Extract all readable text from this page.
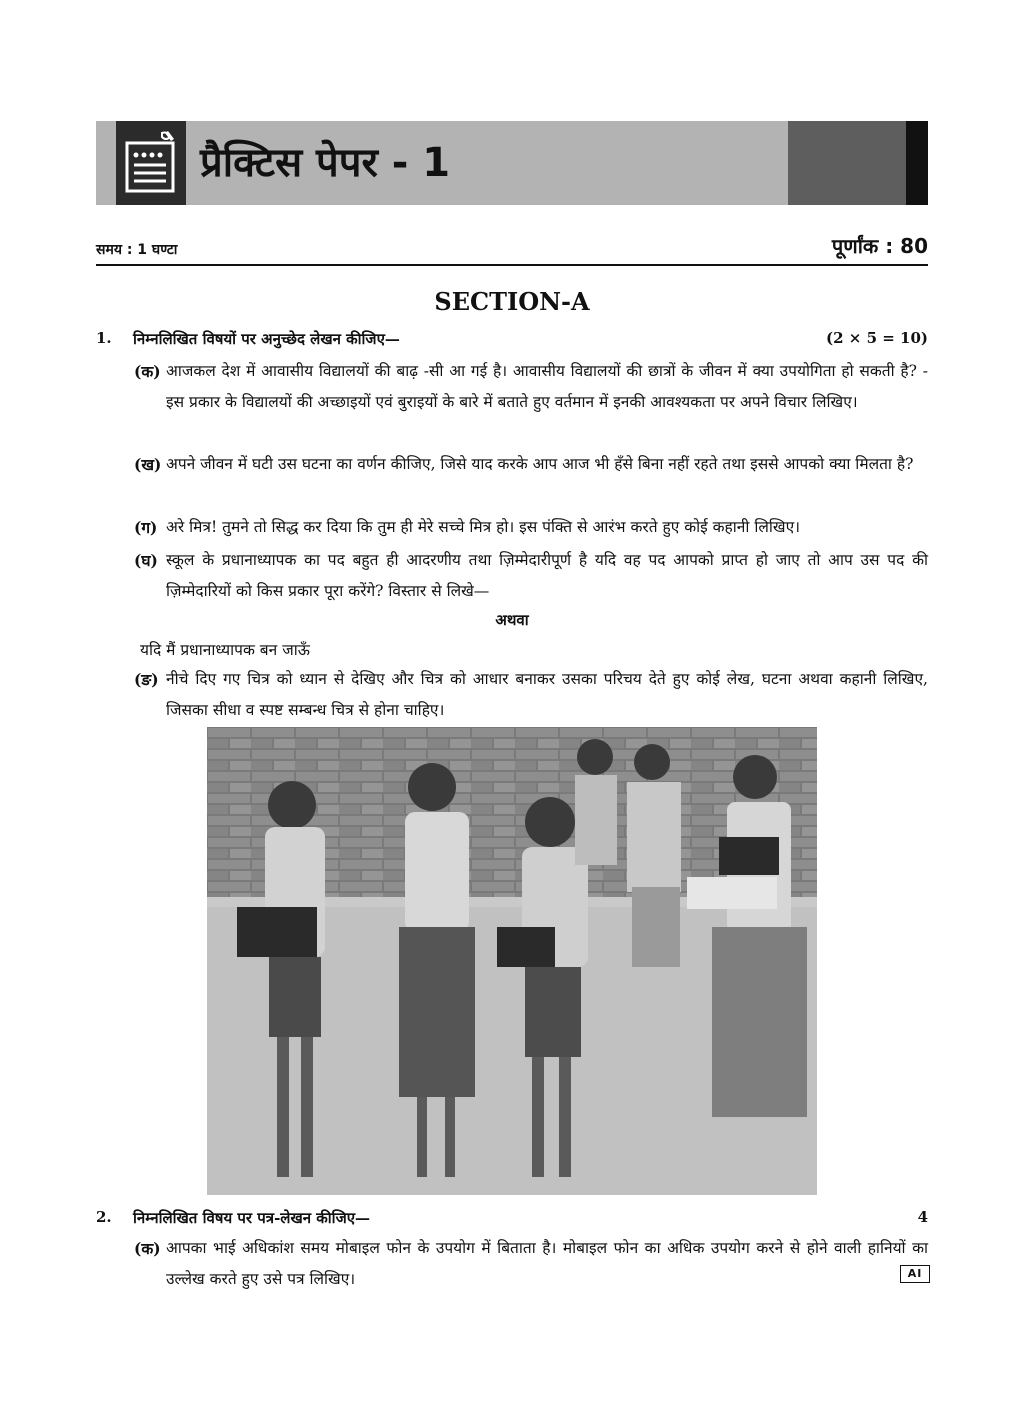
प्रैक्टिस पेपर - 1
समय : 1 घण्टा	पूर्णांक : 80
SECTION-A
1. निम्नलिखित विषयों पर अनुच्छेद लेखन कीजिए—	(2 × 5 = 10)
(क) आजकल देश में आवासीय विद्यालयों की बाढ़ -सी आ गई है। आवासीय विद्यालयों की छात्रों के जीवन में क्या उपयोगिता हो सकती है? - इस प्रकार के विद्यालयों की अच्छाइयों एवं बुराइयों के बारे में बताते हुए वर्तमान में इनकी आवश्यकता पर अपने विचार लिखिए।
(ख) अपने जीवन में घटी उस घटना का वर्णन कीजिए, जिसे याद करके आप आज भी हँसे बिना नहीं रहते तथा इससे आपको क्या मिलता है?
(ग) अरे मित्र! तुमने तो सिद्ध कर दिया कि तुम ही मेरे सच्चे मित्र हो। इस पंक्ति से आरंभ करते हुए कोई कहानी लिखिए।
(घ) स्कूल के प्रधानाध्यापक का पद बहुत ही आदरणीय तथा ज़िम्मेदारीपूर्ण है यदि वह पद आपको प्राप्त हो जाए तो आप उस पद की ज़िम्मेदारियों को किस प्रकार पूरा करेंगे? विस्तार से लिखे—
अथवा
यदि मैं प्रधानाध्यापक बन जाऊँ
(ङ) नीचे दिए गए चित्र को ध्यान से देखिए और चित्र को आधार बनाकर उसका परिचय देते हुए कोई लेख, घटना अथवा कहानी लिखिए, जिसका सीधा व स्पष्ट सम्बन्ध चित्र से होना चाहिए।
2. निम्नलिखित विषय पर पत्र-लेखन कीजिए—	4
(क) आपका भाई अधिकांश समय मोबाइल फोन के उपयोग में बिताता है। मोबाइल फोन का अधिक उपयोग करने से होने वाली हानियों का उल्लेख करते हुए उसे पत्र लिखिए।	AI
